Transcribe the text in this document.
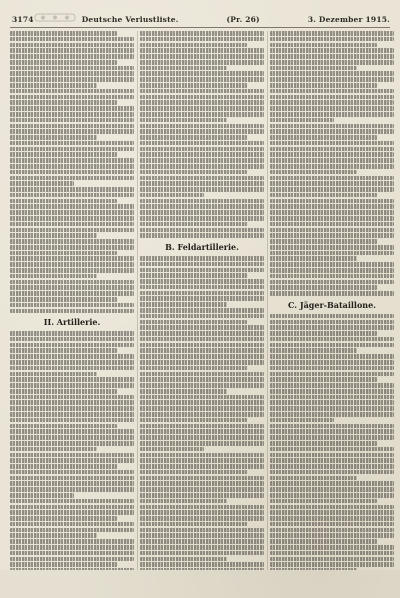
3174	Deutsche Verlustliste.	(Pr. 26)	3. Dezember 1915.
II. Artillerie.
B. Feldartillerie.
C. Jäger-Bataillone.
